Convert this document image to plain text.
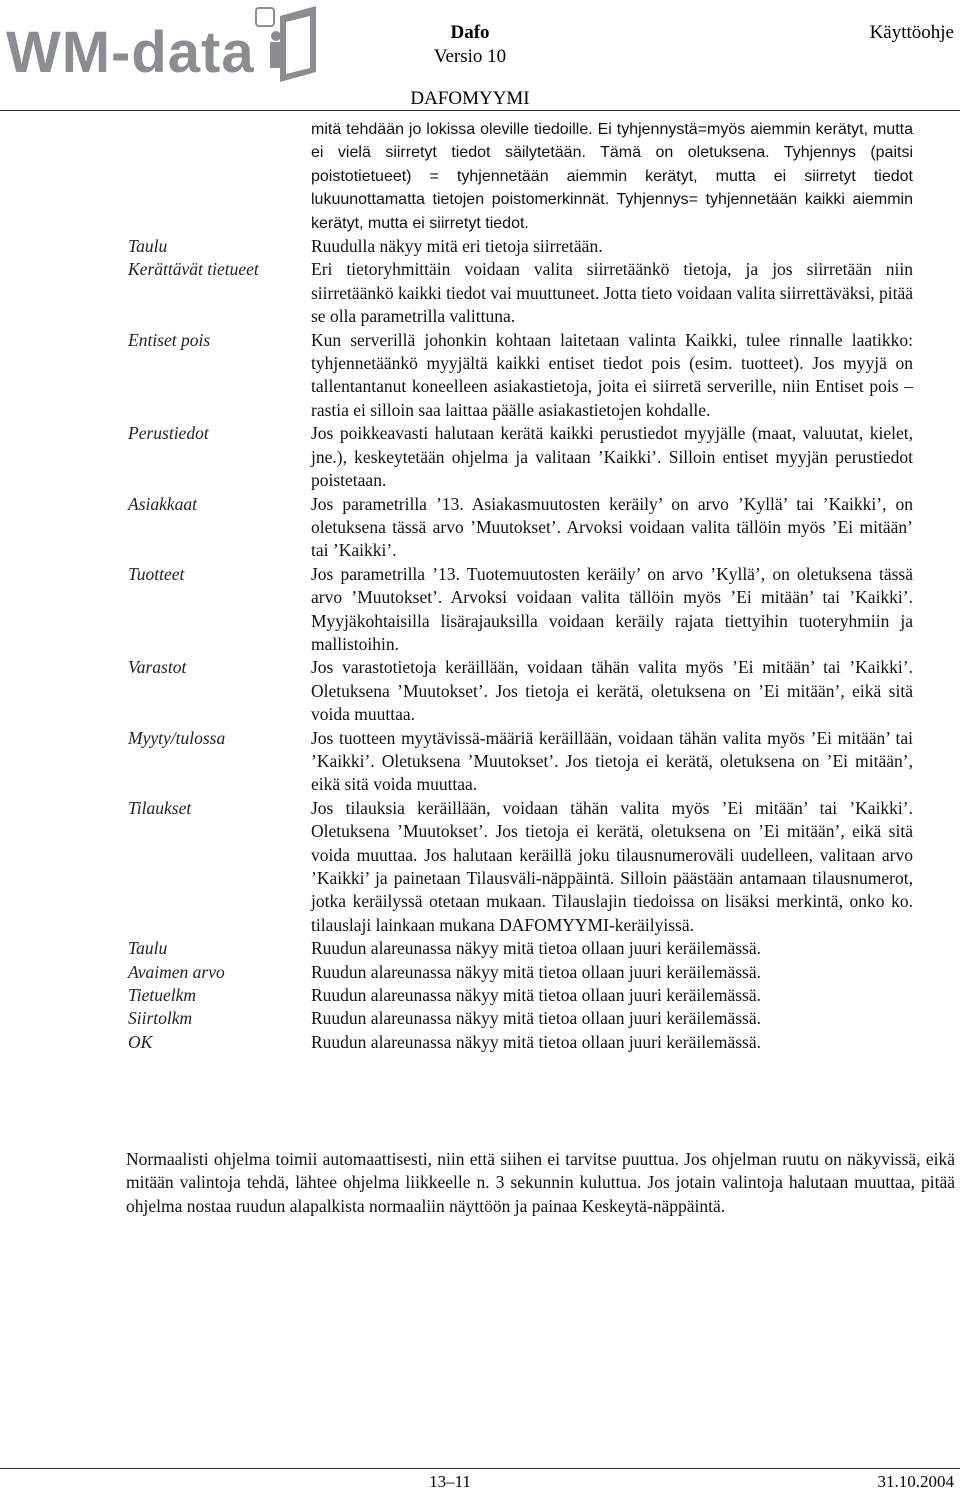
WM-data	Dafo
Versio 10
Käyttöohje
DAFOMYYMI
mitä tehdään jo lokissa oleville tiedoille. Ei tyhjennystä=myös aiemmin kerätyt, mutta ei vielä siirretyt tiedot säilytetään. Tämä on oletuksena. Tyhjennys (paitsi poistotietueet) = tyhjennetään aiemmin kerätyt, mutta ei siirretyt tiedot lukuunottamatta tietojen poistomerkinnät. Tyhjennys= tyhjennetään kaikki aiemmin kerätyt, mutta ei siirretyt tiedot.
Taulu	Ruudulla näkyy mitä eri tietoja siirretään.
Kerättävät tietueet	Eri tietoryhmittäin voidaan valita siirretäänkö tietoja, ja jos siirretään niin siirretäänkö kaikki tiedot vai muuttuneet. Jotta tieto voidaan valita siirrettäväksi, pitää se olla parametrilla valittuna.
Entiset pois	Kun serverillä johonkin kohtaan laitetaan valinta Kaikki, tulee rinnalle laatikko: tyhjennetäänkö myyjältä kaikki entiset tiedot pois (esim. tuotteet). Jos myyjä on tallentantanut koneelleen asiakastietoja, joita ei siirretä serverille, niin Entiset pois –rastia ei silloin saa laittaa päälle asiakastietojen kohdalle.
Perustiedot	Jos poikkeavasti halutaan kerätä kaikki perustiedot myyjälle (maat, valuutat, kielet, jne.), keskeytetään ohjelma ja valitaan ’Kaikki’. Silloin entiset myyjän perustiedot poistetaan.
Asiakkaat	Jos parametrilla ’13. Asiakasmuutosten keräily’ on arvo ’Kyllä’ tai ’Kaikki’, on oletuksena tässä arvo ’Muutokset’. Arvoksi voidaan valita tällöin myös ’Ei mitään’ tai ’Kaikki’.
Tuotteet	Jos parametrilla ’13. Tuotemuutosten keräily’ on arvo ’Kyllä’, on oletuksena tässä arvo ’Muutokset’. Arvoksi voidaan valita tällöin myös ’Ei mitään’ tai ’Kaikki’. Myyjäkohtaisilla lisärajauksilla voidaan keräily rajata tiettyihin tuoteryhmiin ja mallistoihin.
Varastot	Jos varastotietoja keräillään, voidaan tähän valita myös ’Ei mitään’ tai ’Kaikki’. Oletuksena ’Muutokset’. Jos tietoja ei kerätä, oletuksena on ’Ei mitään’, eikä sitä voida muuttaa.
Myyty/tulossa	Jos tuotteen myytävissä-määriä keräillään, voidaan tähän valita myös ’Ei mitään’ tai ’Kaikki’. Oletuksena ’Muutokset’. Jos tietoja ei kerätä, oletuksena on ’Ei mitään’, eikä sitä voida muuttaa.
Tilaukset	Jos tilauksia keräillään, voidaan tähän valita myös ’Ei mitään’ tai ’Kaikki’. Oletuksena ’Muutokset’. Jos tietoja ei kerätä, oletuksena on ’Ei mitään’, eikä sitä voida muuttaa. Jos halutaan keräillä joku tilausnumeroväli uudelleen, valitaan arvo ’Kaikki’ ja painetaan Tilausväli-näppäintä. Silloin päästään antamaan tilausnumerot, jotka keräilyssä otetaan mukaan. Tilauslajin tiedoissa on lisäksi merkintä, onko ko. tilauslaji lainkaan mukana DAFOMYYMI-keräilyissä.
Taulu	Ruudun alareunassa näkyy mitä tietoa ollaan juuri keräilemässä.
Avaimen arvo	Ruudun alareunassa näkyy mitä tietoa ollaan juuri keräilemässä.
Tietuelkm	Ruudun alareunassa näkyy mitä tietoa ollaan juuri keräilemässä.
Siirtolkm	Ruudun alareunassa näkyy mitä tietoa ollaan juuri keräilemässä.
OK	Ruudun alareunassa näkyy mitä tietoa ollaan juuri keräilemässä.
Normaalisti ohjelma toimii automaattisesti, niin että siihen ei tarvitse puuttua. Jos ohjelman ruutu on näkyvissä, eikä mitään valintoja tehdä, lähtee ohjelma liikkeelle n. 3 sekunnin kuluttua. Jos jotain valintoja halutaan muuttaa, pitää ohjelma nostaa ruudun alapalkista normaaliin näyttöön ja painaa Keskeytä-näppäintä.
13–11	31.10.2004
